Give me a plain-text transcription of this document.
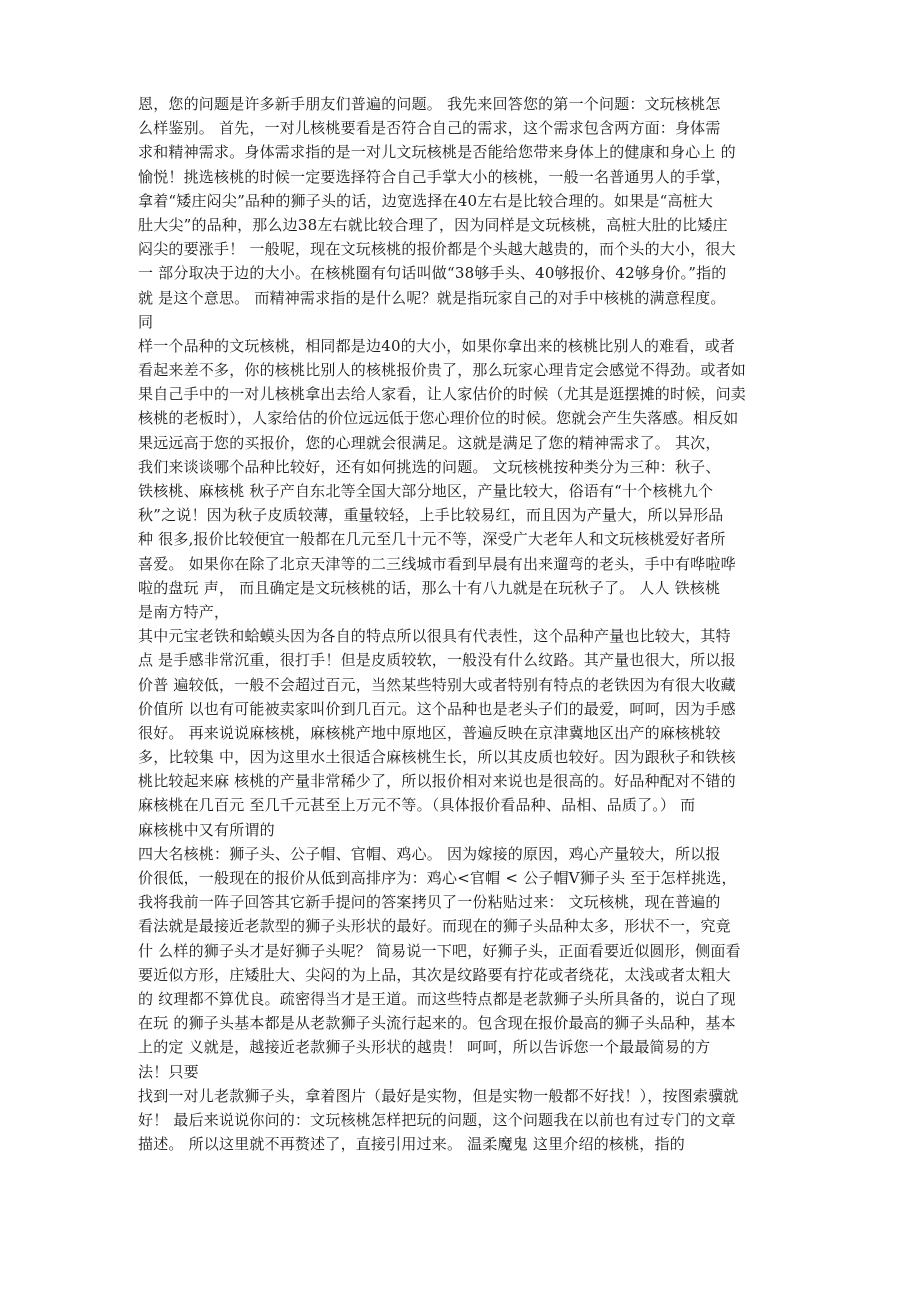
恩，您的问题是许多新手朋友们普遍的问题。 我先来回答您的第一个问题：文玩核桃怎
么样鉴别。 首先，一对儿核桃要看是否符合自己的需求，这个需求包含两方面：身体需
求和精神需求。身体需求指的是一对儿文玩核桃是否能给您带来身体上的健康和身心上 的
愉悦！挑选核桃的时候一定要选择符合自己手掌大小的核桃，一般一名普通男人的手掌，
拿着“矮庄闷尖”品种的狮子头的话，边宽选择在40左右是比较合理的。如果是“高桩大
肚大尖”的品种，那么边38左右就比较合理了，因为同样是文玩核桃，高桩大肚的比矮庄
闷尖的要涨手！ 一般呢，现在文玩核桃的报价都是个头越大越贵的，而个头的大小，很大
一 部分取决于边的大小。在核桃圈有句话叫做“38够手头、40够报价、42够身价。”指的
就 是这个意思。 而精神需求指的是什么呢？就是指玩家自己的对手中核桃的满意程度。
同
样一个品种的文玩核桃，相同都是边40的大小，如果你拿出来的核桃比别人的难看，或者
看起来差不多，你的核桃比别人的核桃报价贵了，那么玩家心理肯定会感觉不得劲。或者如
果自己手中的一对儿核桃拿出去给人家看，让人家估价的时候（尤其是逛摆摊的时候，问卖
核桃的老板时），人家给估的价位远远低于您心理价位的时候。您就会产生失落感。相反如
果远远高于您的买报价，您的心理就会很满足。这就是满足了您的精神需求了。 其次，
我们来谈谈哪个品种比较好，还有如何挑选的问题。 文玩核桃按种类分为三种：秋子、
铁核桃、麻核桃 秋子产自东北等全国大部分地区，产量比较大，俗语有“十个核桃九个
秋”之说！因为秋子皮质较薄，重量较轻，上手比较易红，而且因为产量大，所以异形品
种 很多,报价比较便宜一般都在几元至几十元不等，深受广大老年人和文玩核桃爱好者所
喜爱。 如果你在除了北京天津等的二三线城市看到早晨有出来遛弯的老头，手中有哗啦哗
啦的盘玩 声， 而且确定是文玩核桃的话，那么十有八九就是在玩秋子了。 人人 铁核桃
是南方特产，
其中元宝老铁和蛤蟆头因为各自的特点所以很具有代表性，这个品种产量也比较大，其特
点 是手感非常沉重，很打手！但是皮质较软，一般没有什么纹路。其产量也很大，所以报
价普 遍较低，一般不会超过百元，当然某些特别大或者特别有特点的老铁因为有很大收藏
价值所 以也有可能被卖家叫价到几百元。这个品种也是老头子们的最爱，呵呵，因为手感
很好。 再来说说麻核桃，麻核桃产地中原地区，普遍反映在京津冀地区出产的麻核桃较
多，比较集 中，因为这里水土很适合麻核桃生长，所以其皮质也较好。因为跟秋子和铁核
桃比较起来麻 核桃的产量非常稀少了，所以报价相对来说也是很高的。好品种配对不错的
麻核桃在几百元 至几千元甚至上万元不等。（具体报价看品种、品相、品质了。） 而
麻核桃中又有所谓的
四大名核桃：狮子头、公子帽、官帽、鸡心。 因为嫁接的原因，鸡心产量较大，所以报
价很低，一般现在的报价从低到高排序为：鸡心<官帽 < 公子帽V狮子头 至于怎样挑选，
我将我前一阵子回答其它新手提问的答案拷贝了一份粘贴过来： 文玩核桃，现在普遍的
看法就是最接近老款型的狮子头形状的最好。而现在的狮子头品种太多，形状不一，究竟
什 么样的狮子头才是好狮子头呢？ 简易说一下吧，好狮子头，正面看要近似圆形，侧面看
要近似方形，庄矮肚大、尖闷的为上品，其次是纹路要有拧花或者绕花，太浅或者太粗大
的 纹理都不算优良。疏密得当才是王道。而这些特点都是老款狮子头所具备的，说白了现
在玩 的狮子头基本都是从老款狮子头流行起来的。包含现在报价最高的狮子头品种，基本
上的定 义就是，越接近老款狮子头形状的越贵！ 呵呵，所以告诉您一个最最简易的方
法！只要
找到一对儿老款狮子头，拿着图片（最好是实物，但是实物一般都不好找！），按图索骥就
好！ 最后来说说你问的：文玩核桃怎样把玩的问题，这个问题我在以前也有过专门的文章
描述。 所以这里就不再赘述了，直接引用过来。 温柔魔鬼 这里介绍的核桃，指的
